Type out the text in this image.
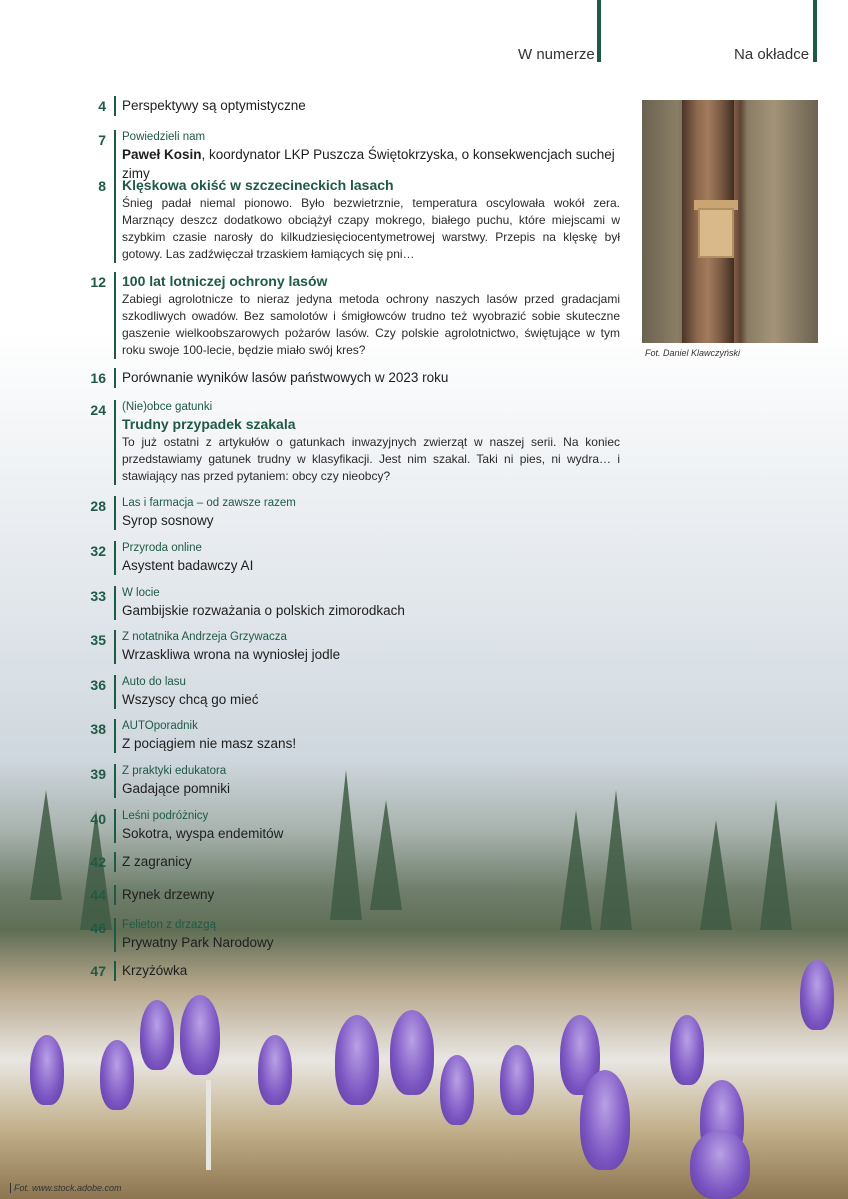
W numerze	Na okładce
4	Perspektywy są optymistyczne
7	Powiedzieli nam
Paweł Kosin, koordynator LKP Puszcza Świętokrzyska, o konsekwencjach suchej zimy
8	Klęskowa okiść w szczecineckich lasach
Śnieg padał niemal pionowo. Było bezwietrznie, temperatura oscylowała wokół zera. Marznący deszcz dodatkowo obciążył czapy mokrego, białego puchu, które miejscami w szybkim czasie narosły do kilkudziesięciocentymetrowej warstwy. Przepis na klęskę był gotowy. Las zadźwięczał trzaskiem łamiących się pni…
12	100 lat lotniczej ochrony lasów
Zabiegi agrolotnicze to nieraz jedyna metoda ochrony naszych lasów przed gradacjami szkodliwych owadów. Bez samolotów i śmigłowców trudno też wyobrazić sobie skuteczne gaszenie wielkoobszarowych pożarów lasów. Czy polskie agrolotnictwo, świętujące w tym roku swoje 100-lecie, będzie miało swój kres?
16	Porównanie wyników lasów państwowych w 2023 roku
24	(Nie)obce gatunki
Trudny przypadek szakala
To już ostatni z artykułów o gatunkach inwazyjnych zwierząt w naszej serii. Na koniec przedstawiamy gatunek trudny w klasyfikacji. Jest nim szakal. Taki ni pies, ni wydra… i stawiający nas przed pytaniem: obcy czy nieobcy?
28	Las i farmacja – od zawsze razem
Syrop sosnowy
32	Przyroda online
Asystent badawczy AI
33	W locie
Gambijskie rozważania o polskich zimorodkach
35	Z notatnika Andrzeja Grzywacza
Wrzaskliwa wrona na wyniosłej jodle
36	Auto do lasu
Wszyscy chcą go mieć
38	AUTOporadnik
Z pociągiem nie masz szans!
39	Z praktyki edukatora
Gadające pomniki
40	Leśni podróżnicy
Sokotra, wyspa endemitów
42	Z zagranicy
44	Rynek drzewny
46	Felieton z drzazgą
Prywatny Park Narodowy
47	Krzyżówka
Fot. Daniel Klawczyński
Fot. www.stock.adobe.com
